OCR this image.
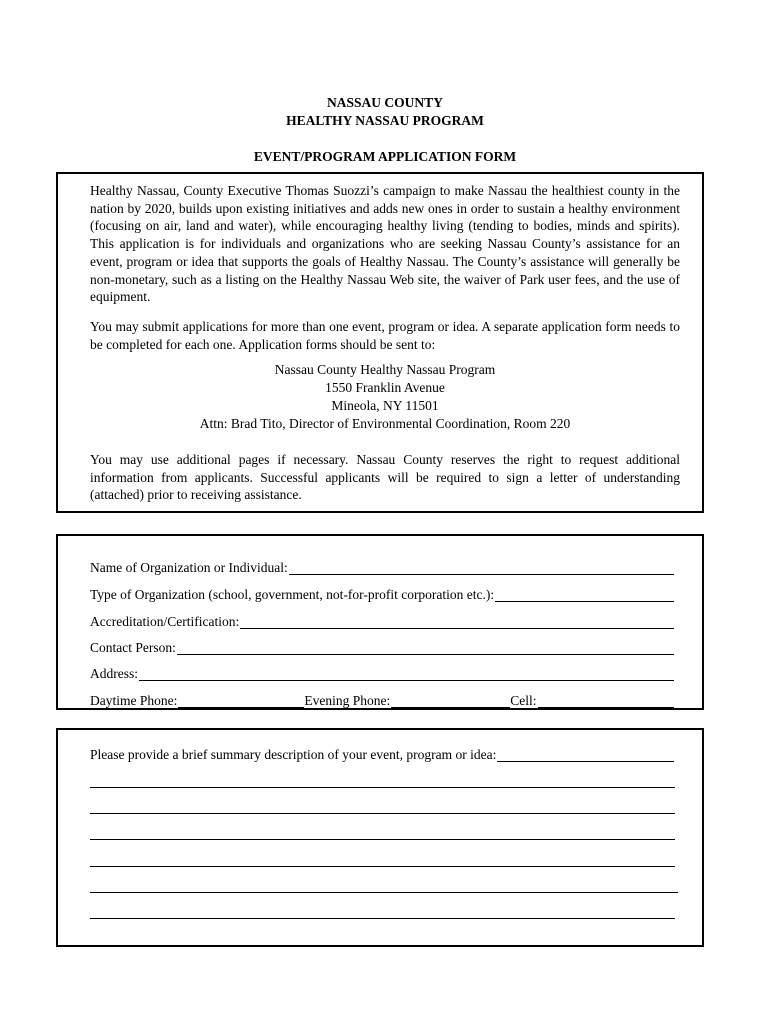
NASSAU COUNTY
HEALTHY NASSAU PROGRAM
EVENT/PROGRAM APPLICATION FORM
Healthy Nassau, County Executive Thomas Suozzi’s campaign to make Nassau the healthiest county in the nation by 2020, builds upon existing initiatives and adds new ones in order to sustain a healthy environment (focusing on air, land and water), while encouraging healthy living (tending to bodies, minds and spirits). This application is for individuals and organizations who are seeking Nassau County’s assistance for an event, program or idea that supports the goals of Healthy Nassau. The County’s assistance will generally be non-monetary, such as a listing on the Healthy Nassau Web site, the waiver of Park user fees, and the use of equipment.
You may submit applications for more than one event, program or idea. A separate application form needs to be completed for each one. Application forms should be sent to:
Nassau County Healthy Nassau Program
1550 Franklin Avenue
Mineola, NY 11501
Attn: Brad Tito, Director of Environmental Coordination, Room 220
You may use additional pages if necessary. Nassau County reserves the right to request additional information from applicants. Successful applicants will be required to sign a letter of understanding (attached) prior to receiving assistance.
Name of Organization or Individual:
Type of Organization (school, government, not-for-profit corporation etc.):
Accreditation/Certification:
Contact Person:
Address:
Daytime Phone:	Evening Phone:	Cell:
Please provide a brief summary description of your event, program or idea:
